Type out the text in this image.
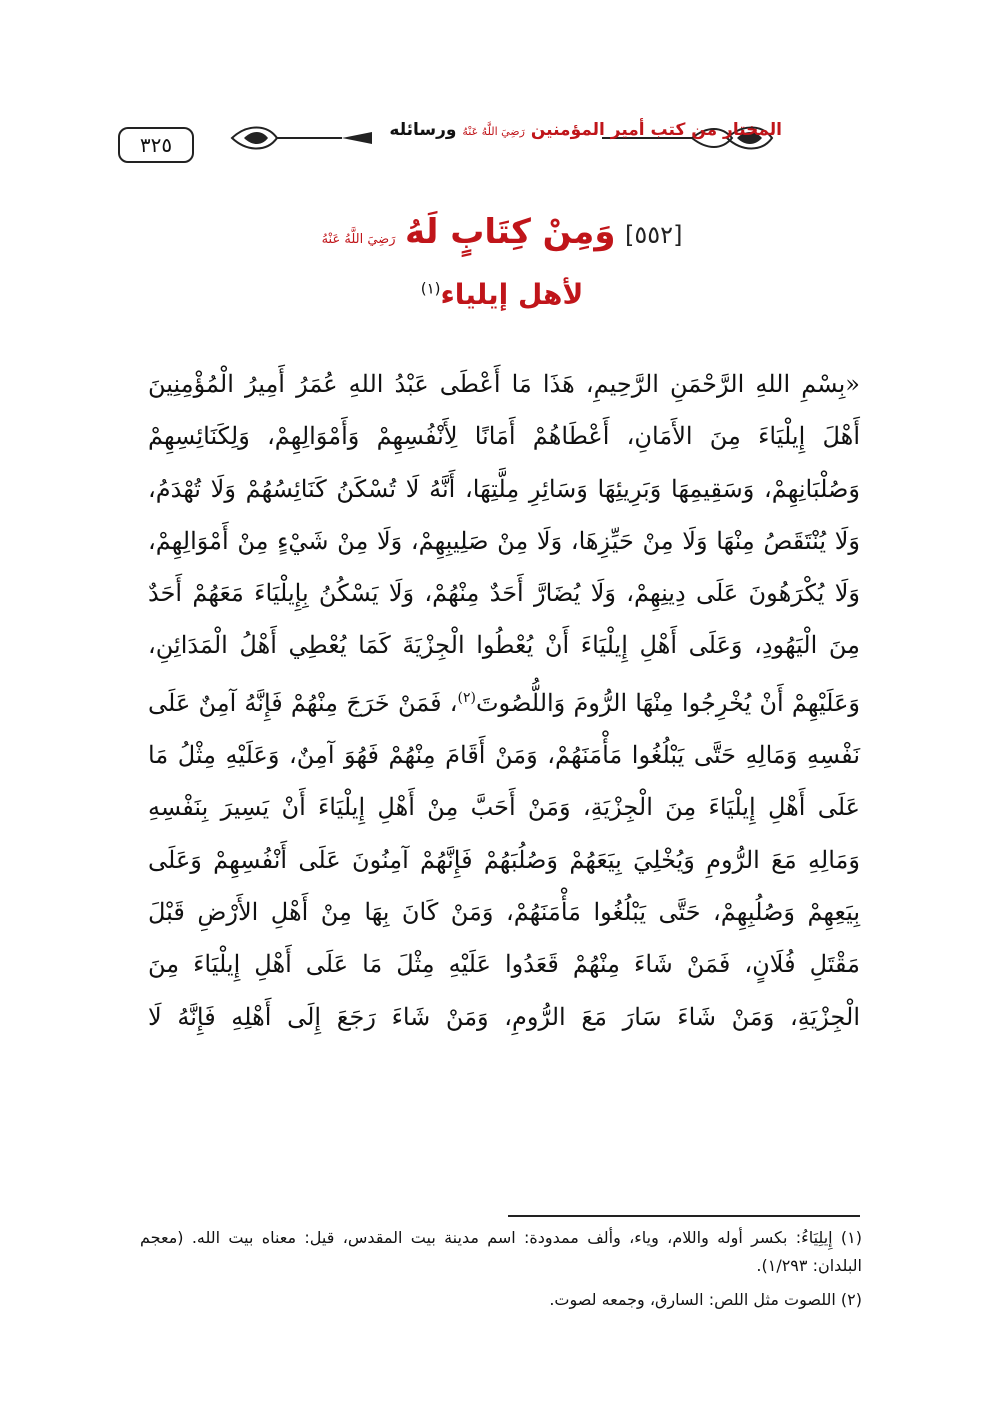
٣٢٥
المختار من كتب أمير المؤمنين رَضِيَ اللَّهُ عَنْهُ ورسائله
[٥٥٢] وَمِنْ كِتَابٍ لَهُ رَضِيَ اللَّهُ عَنْهُ
لأهل إيلياء$^{(١)}$

«بِسْمِ اللهِ الرَّحْمَنِ الرَّحِيمِ، هَذَا مَا أَعْطَى عَبْدُ اللهِ عُمَرُ أَمِيرُ الْمُؤْمِنِينَ أَهْلَ إِيلْيَاءَ مِنَ الأَمَانِ، أَعْطَاهُمْ أَمَانًا لِأَنْفُسِهِمْ وَأَمْوَالِهِمْ، وَلِكَنَائِسِهِمْ وَصُلْبَانِهِمْ، وَسَقِيمِهَا وَبَرِيئِهَا وَسَائِرِ مِلَّتِهَا، أَنَّهُ لَا تُسْكَنُ كَنَائِسُهُمْ وَلَا تُهْدَمُ، وَلَا يُنْتَقَصُ مِنْهَا وَلَا مِنْ حَيِّزِهَا، وَلَا مِنْ صَلِيبِهِمْ، وَلَا مِنْ شَيْءٍ مِنْ أَمْوَالِهِمْ، وَلَا يُكْرَهُونَ عَلَى دِينِهِمْ، وَلَا يُضَارَّ أَحَدٌ مِنْهُمْ، وَلَا يَسْكُنُ بِإِيلْيَاءَ مَعَهُمْ أَحَدٌ مِنَ الْيَهُودِ، وَعَلَى أَهْلِ إِيلْيَاءَ أَنْ يُعْطُوا الْجِزْيَةَ كَمَا يُعْطِي أَهْلُ الْمَدَائِنِ، وَعَلَيْهِمْ أَنْ يُخْرِجُوا مِنْهَا الرُّومَ وَاللُّصُوتَ$^{(٢)}$، فَمَنْ خَرَجَ مِنْهُمْ فَإِنَّهُ آمِنٌ عَلَى نَفْسِهِ وَمَالِهِ حَتَّى يَبْلُغُوا مَأْمَنَهُمْ، وَمَنْ أَقَامَ مِنْهُمْ فَهُوَ آمِنٌ، وَعَلَيْهِ مِثْلُ مَا عَلَى أَهْلِ إِيلْيَاءَ مِنَ الْجِزْيَةِ، وَمَنْ أَحَبَّ مِنْ أَهْلِ إِيلْيَاءَ أَنْ يَسِيرَ بِنَفْسِهِ وَمَالِهِ مَعَ الرُّومِ وَيُخْلِيَ بِيَعَهُمْ وَصُلُبَهُمْ فَإِنَّهُمْ آمِنُونَ عَلَى أَنْفُسِهِمْ وَعَلَى بِيَعِهِمْ وَصُلُبِهِمْ، حَتَّى يَبْلُغُوا مَأْمَنَهُمْ، وَمَنْ كَانَ بِهَا مِنْ أَهْلِ الأَرْضِ قَبْلَ مَقْتَلِ فُلَانٍ، فَمَنْ شَاءَ مِنْهُمْ قَعَدُوا عَلَيْهِ مِثْلَ مَا عَلَى أَهْلِ إِيلْيَاءَ مِنَ الْجِزْيَةِ، وَمَنْ شَاءَ سَارَ مَعَ الرُّومِ، وَمَنْ شَاءَ رَجَعَ إِلَى أَهْلِهِ فَإِنَّهُ لَا

(١) إِيلِيَاءُ: بكسر أوله واللام، وياء، وألف ممدودة: اسم مدينة بيت المقدس، قيل: معناه بيت الله. (معجم البلدان: ١/٢٩٣).

(٢) اللصوت مثل اللص: السارق، وجمعه لصوت.
